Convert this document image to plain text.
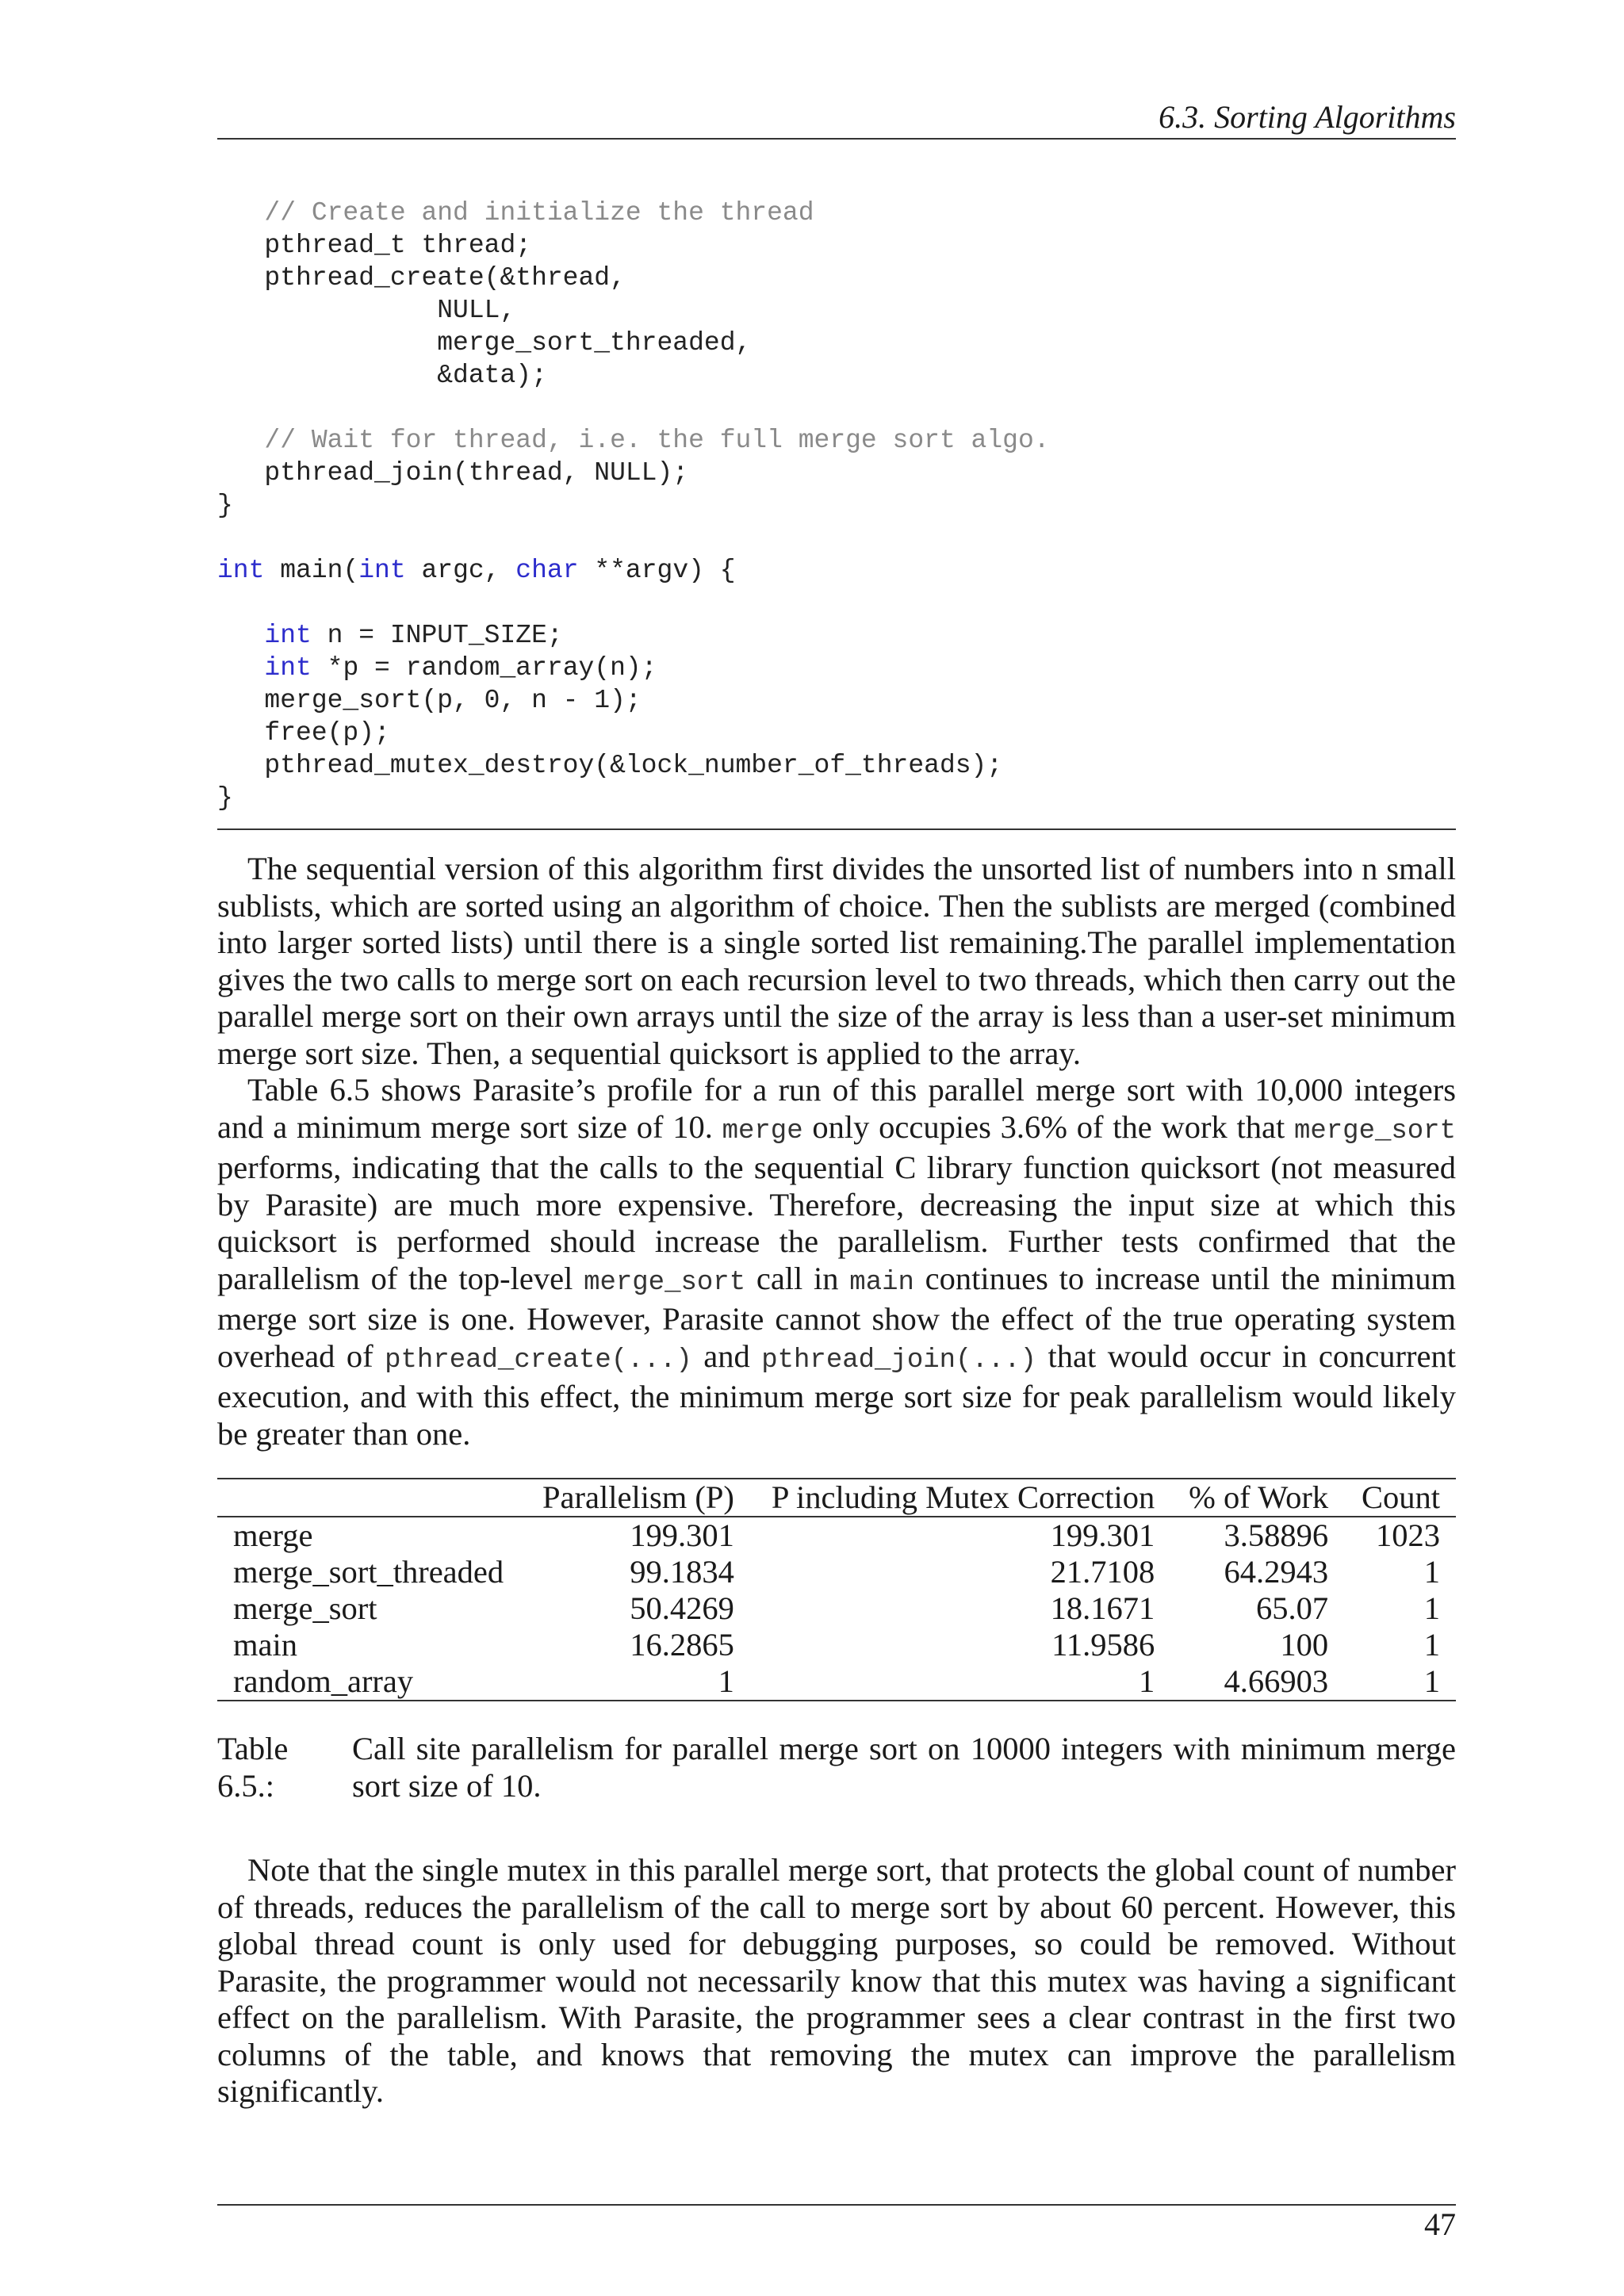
6.3. Sorting Algorithms
// Create and initialize the thread
pthread_t thread;
pthread_create(&thread,
NULL,
merge_sort_threaded,
&data);

// Wait for thread, i.e. the full merge sort algo.
pthread_join(thread, NULL);
}

int main(int argc, char **argv) {

int n = INPUT_SIZE;
int *p = random_array(n);
merge_sort(p, 0, n - 1);
free(p);
pthread_mutex_destroy(&lock_number_of_threads);
}

The sequential version of this algorithm first divides the unsorted list of numbers into n small sublists, which are sorted using an algorithm of choice. Then the sublists are merged (combined into larger sorted lists) until there is a single sorted list remaining.The parallel implementation gives the two calls to merge sort on each recursion level to two threads, which then carry out the parallel merge sort on their own arrays until the size of the array is less than a user-set minimum merge sort size. Then, a sequential quicksort is applied to the array.

Table 6.5 shows Parasite’s profile for a run of this parallel merge sort with 10,000 integers and a minimum merge sort size of 10. merge only occupies 3.6% of the work that merge_sort performs, indicating that the calls to the sequential C library function quicksort (not measured by Parasite) are much more expensive. Therefore, decreasing the input size at which this quicksort is performed should increase the parallelism. Further tests confirmed that the parallelism of the top-level merge_sort call in main continues to increase until the minimum merge sort size is one. However, Parasite cannot show the effect of the true operating system overhead of pthread_create(...) and pthread_join(...) that would occur in concurrent execution, and with this effect, the minimum merge sort size for peak parallelism would likely be greater than one.

	Parallelism (P)	P including Mutex Correction	% of Work	Count
merge	199.301	199.301	3.58896	1023
merge_sort_threaded	99.1834	21.7108	64.2943	1
merge_sort	50.4269	18.1671	65.07	1
main	16.2865	11.9586	100	1
random_array	1	1	4.66903	1
Table 6.5.:
Call site parallelism for parallel merge sort on 10000 integers with minimum merge sort size of 10.

Note that the single mutex in this parallel merge sort, that protects the global count of number of threads, reduces the parallelism of the call to merge sort by about 60 percent. However, this global thread count is only used for debugging purposes, so could be removed. Without Parasite, the programmer would not necessarily know that this mutex was having a significant effect on the parallelism. With Parasite, the programmer sees a clear contrast in the first two columns of the table, and knows that removing the mutex can improve the parallelism significantly.

47
